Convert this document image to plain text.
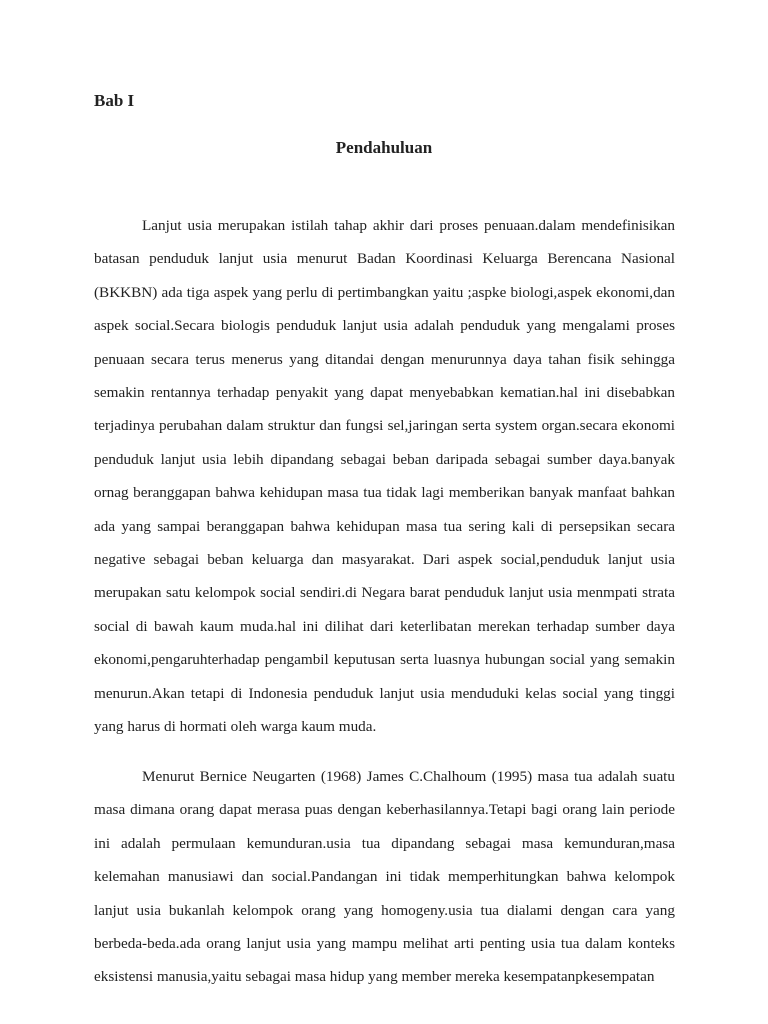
Bab I
Pendahuluan

Lanjut usia merupakan istilah tahap akhir dari proses penuaan.dalam mendefinisikan batasan penduduk lanjut usia menurut Badan Koordinasi Keluarga Berencana Nasional (BKKBN) ada tiga aspek yang perlu di pertimbangkan yaitu ;aspke biologi,aspek ekonomi,dan aspek social.Secara biologis penduduk lanjut usia adalah penduduk yang mengalami proses penuaan secara terus menerus yang ditandai dengan menurunnya daya tahan fisik sehingga semakin rentannya terhadap penyakit yang dapat menyebabkan kematian.hal ini disebabkan terjadinya perubahan dalam struktur dan fungsi sel,jaringan serta system organ.secara ekonomi penduduk lanjut usia lebih dipandang sebagai beban daripada sebagai sumber daya.banyak ornag beranggapan bahwa kehidupan masa tua tidak lagi memberikan banyak manfaat bahkan ada yang sampai beranggapan bahwa kehidupan masa tua sering kali di persepsikan secara negative sebagai beban keluarga dan masyarakat. Dari aspek social,penduduk lanjut usia merupakan satu kelompok social sendiri.di Negara barat penduduk lanjut usia menmpati strata social di bawah kaum muda.hal ini dilihat dari keterlibatan merekan terhadap sumber daya ekonomi,pengaruhterhadap pengambil keputusan serta luasnya hubungan social yang semakin menurun.Akan tetapi di Indonesia penduduk lanjut usia menduduki kelas social yang tinggi yang harus di hormati oleh warga kaum muda.

Menurut Bernice Neugarten (1968) James C.Chalhoum (1995) masa tua adalah suatu masa dimana orang dapat merasa puas dengan keberhasilannya.Tetapi bagi orang lain periode ini adalah permulaan kemunduran.usia tua dipandang sebagai masa kemunduran,masa kelemahan manusiawi dan social.Pandangan ini tidak memperhitungkan bahwa kelompok lanjut usia bukanlah kelompok orang yang homogeny.usia tua dialami dengan cara yang berbeda-beda.ada orang lanjut usia yang mampu melihat arti penting usia tua dalam konteks eksistensi manusia,yaitu sebagai masa hidup yang member mereka kesempatanpkesempatan
